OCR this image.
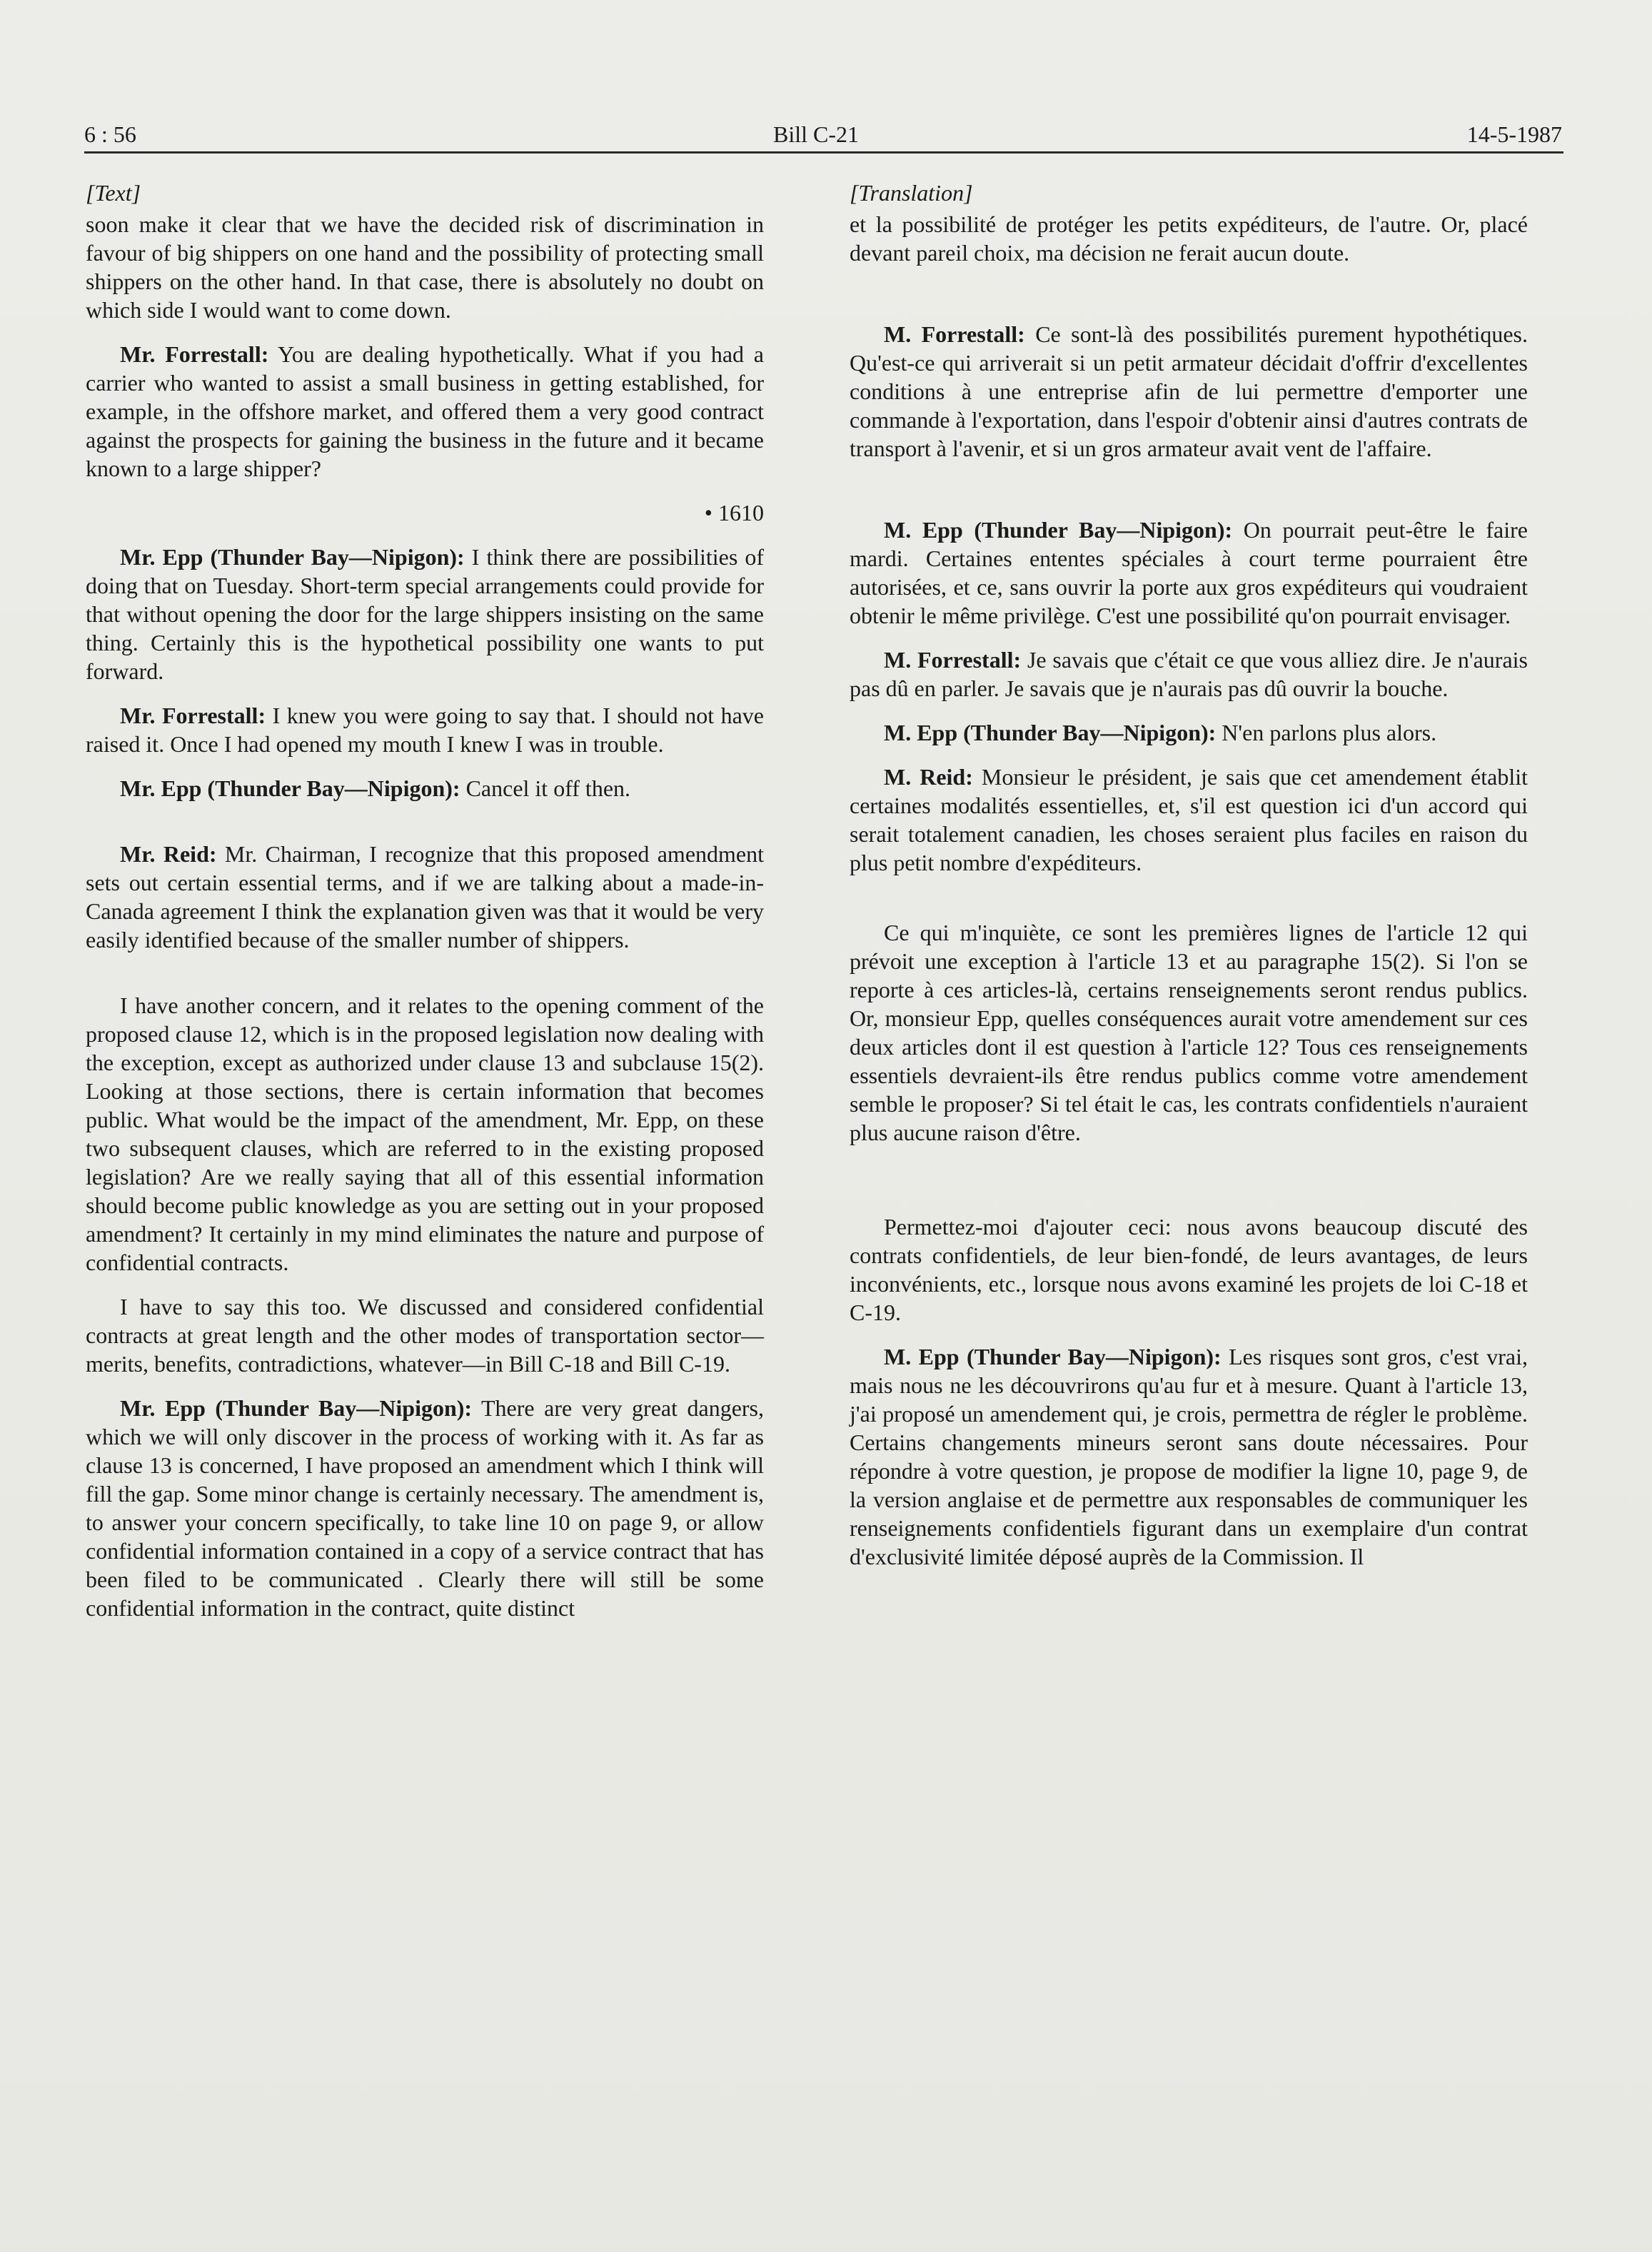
6 : 56	Bill C-21	14-5-1987
[Text]

soon make it clear that we have the decided risk of discrimination in favour of big shippers on one hand and the possibility of protecting small shippers on the other hand. In that case, there is absolutely no doubt on which side I would want to come down.

Mr. Forrestall: You are dealing hypothetically. What if you had a carrier who wanted to assist a small business in getting established, for example, in the offshore market, and offered them a very good contract against the prospects for gaining the business in the future and it became known to a large shipper?

• 1610

Mr. Epp (Thunder Bay—Nipigon): I think there are possibilities of doing that on Tuesday. Short-term special arrangements could provide for that without opening the door for the large shippers insisting on the same thing. Certainly this is the hypothetical possibility one wants to put forward.

Mr. Forrestall: I knew you were going to say that. I should not have raised it. Once I had opened my mouth I knew I was in trouble.

Mr. Epp (Thunder Bay—Nipigon): Cancel it off then.

Mr. Reid: Mr. Chairman, I recognize that this proposed amendment sets out certain essential terms, and if we are talking about a made-in-Canada agreement I think the explanation given was that it would be very easily identified because of the smaller number of shippers.

I have another concern, and it relates to the opening comment of the proposed clause 12, which is in the proposed legislation now dealing with the exception, except as authorized under clause 13 and subclause 15(2). Looking at those sections, there is certain information that becomes public. What would be the impact of the amendment, Mr. Epp, on these two subsequent clauses, which are referred to in the existing proposed legislation? Are we really saying that all of this essential information should become public knowledge as you are setting out in your proposed amendment? It certainly in my mind eliminates the nature and purpose of confidential contracts.

I have to say this too. We discussed and considered confidential contracts at great length and the other modes of transportation sector—merits, benefits, contradictions, whatever—in Bill C-18 and Bill C-19.

Mr. Epp (Thunder Bay—Nipigon): There are very great dangers, which we will only discover in the process of working with it. As far as clause 13 is concerned, I have proposed an amendment which I think will fill the gap. Some minor change is certainly necessary. The amendment is, to answer your concern specifically, to take line 10 on page 9, or allow confidential information contained in a copy of a service contract that has been filed to be communicated . Clearly there will still be some confidential information in the contract, quite distinct

[Translation]

et la possibilité de protéger les petits expéditeurs, de l'autre. Or, placé devant pareil choix, ma décision ne ferait aucun doute.

M. Forrestall: Ce sont-là des possibilités purement hypothétiques. Qu'est-ce qui arriverait si un petit armateur décidait d'offrir d'excellentes conditions à une entreprise afin de lui permettre d'emporter une commande à l'exportation, dans l'espoir d'obtenir ainsi d'autres contrats de transport à l'avenir, et si un gros armateur avait vent de l'affaire.

M. Epp (Thunder Bay—Nipigon): On pourrait peut-être le faire mardi. Certaines ententes spéciales à court terme pourraient être autorisées, et ce, sans ouvrir la porte aux gros expéditeurs qui voudraient obtenir le même privilège. C'est une possibilité qu'on pourrait envisager.

M. Forrestall: Je savais que c'était ce que vous alliez dire. Je n'aurais pas dû en parler. Je savais que je n'aurais pas dû ouvrir la bouche.

M. Epp (Thunder Bay—Nipigon): N'en parlons plus alors.

M. Reid: Monsieur le président, je sais que cet amendement établit certaines modalités essentielles, et, s'il est question ici d'un accord qui serait totalement canadien, les choses seraient plus faciles en raison du plus petit nombre d'expéditeurs.

Ce qui m'inquiète, ce sont les premières lignes de l'article 12 qui prévoit une exception à l'article 13 et au paragraphe 15(2). Si l'on se reporte à ces articles-là, certains renseignements seront rendus publics. Or, monsieur Epp, quelles conséquences aurait votre amendement sur ces deux articles dont il est question à l'article 12? Tous ces renseignements essentiels devraient-ils être rendus publics comme votre amendement semble le proposer? Si tel était le cas, les contrats confidentiels n'auraient plus aucune raison d'être.

Permettez-moi d'ajouter ceci: nous avons beaucoup discuté des contrats confidentiels, de leur bien-fondé, de leurs avantages, de leurs inconvénients, etc., lorsque nous avons examiné les projets de loi C-18 et C-19.

M. Epp (Thunder Bay—Nipigon): Les risques sont gros, c'est vrai, mais nous ne les découvrirons qu'au fur et à mesure. Quant à l'article 13, j'ai proposé un amendement qui, je crois, permettra de régler le problème. Certains changements mineurs seront sans doute nécessaires. Pour répondre à votre question, je propose de modifier la ligne 10, page 9, de la version anglaise et de permettre aux responsables de communiquer les renseignements confidentiels figurant dans un exemplaire d'un contrat d'exclusivité limitée déposé auprès de la Commission. Il
